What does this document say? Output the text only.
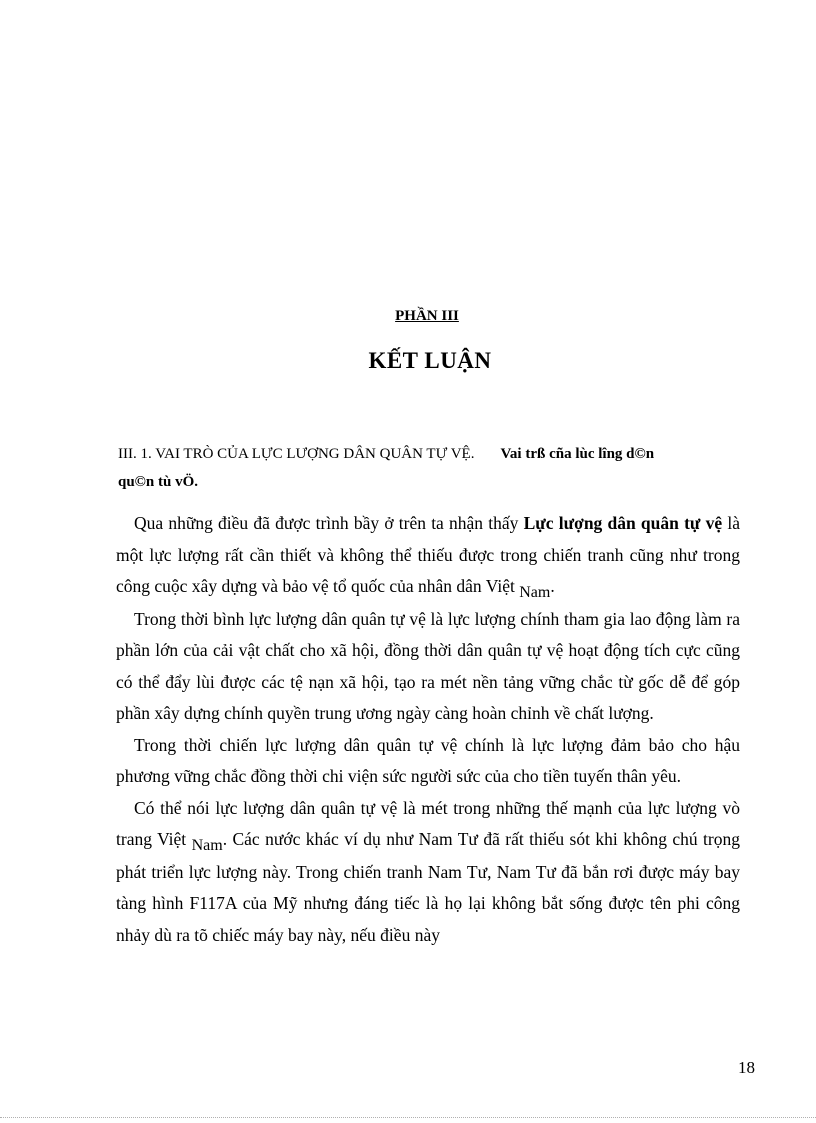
PHẦN III
KẾT LUẬN
III. 1. VAI TRÒ CỦA LỰC LƯỢNG DÂN QUÂN TỰ VỆ. Vai trß cña lùc lîng d©n
qu©n tù vÖ.

Qua những điều đã được trình bầy ở trên ta nhận thấy Lực lượng dân quân tự vệ là một lực lượng rất cần thiết và không thể thiếu được trong chiến tranh cũng như trong công cuộc xây dựng và bảo vệ tổ quốc của nhân dân Việt Nam.

Trong thời bình lực lượng dân quân tự vệ là lực lượng chính tham gia lao động làm ra phần lớn của cải vật chất cho xã hội, đồng thời dân quân tự vệ hoạt động tích cực cũng có thể đẩy lùi được các tệ nạn xã hội, tạo ra mét nền tảng vững chắc từ gốc dễ để góp phần xây dựng chính quyền trung ương ngày càng hoàn chỉnh về chất lượng.

Trong thời chiến lực lượng dân quân tự vệ chính là lực lượng đảm bảo cho hậu phương vững chắc đồng thời chi viện sức người sức của cho tiền tuyến thân yêu.

Có thể nói lực lượng dân quân tự vệ là mét trong những thế mạnh của lực lượng vò trang Việt Nam. Các nước khác ví dụ như Nam Tư đã rất thiếu sót khi không chú trọng phát triển lực lượng này. Trong chiến tranh Nam Tư, Nam Tư đã bắn rơi được máy bay tàng hình F117A của Mỹ nhưng đáng tiếc là họ lại không bắt sống được tên phi công nhảy dù ra tõ chiếc máy bay này, nếu điều này

18
